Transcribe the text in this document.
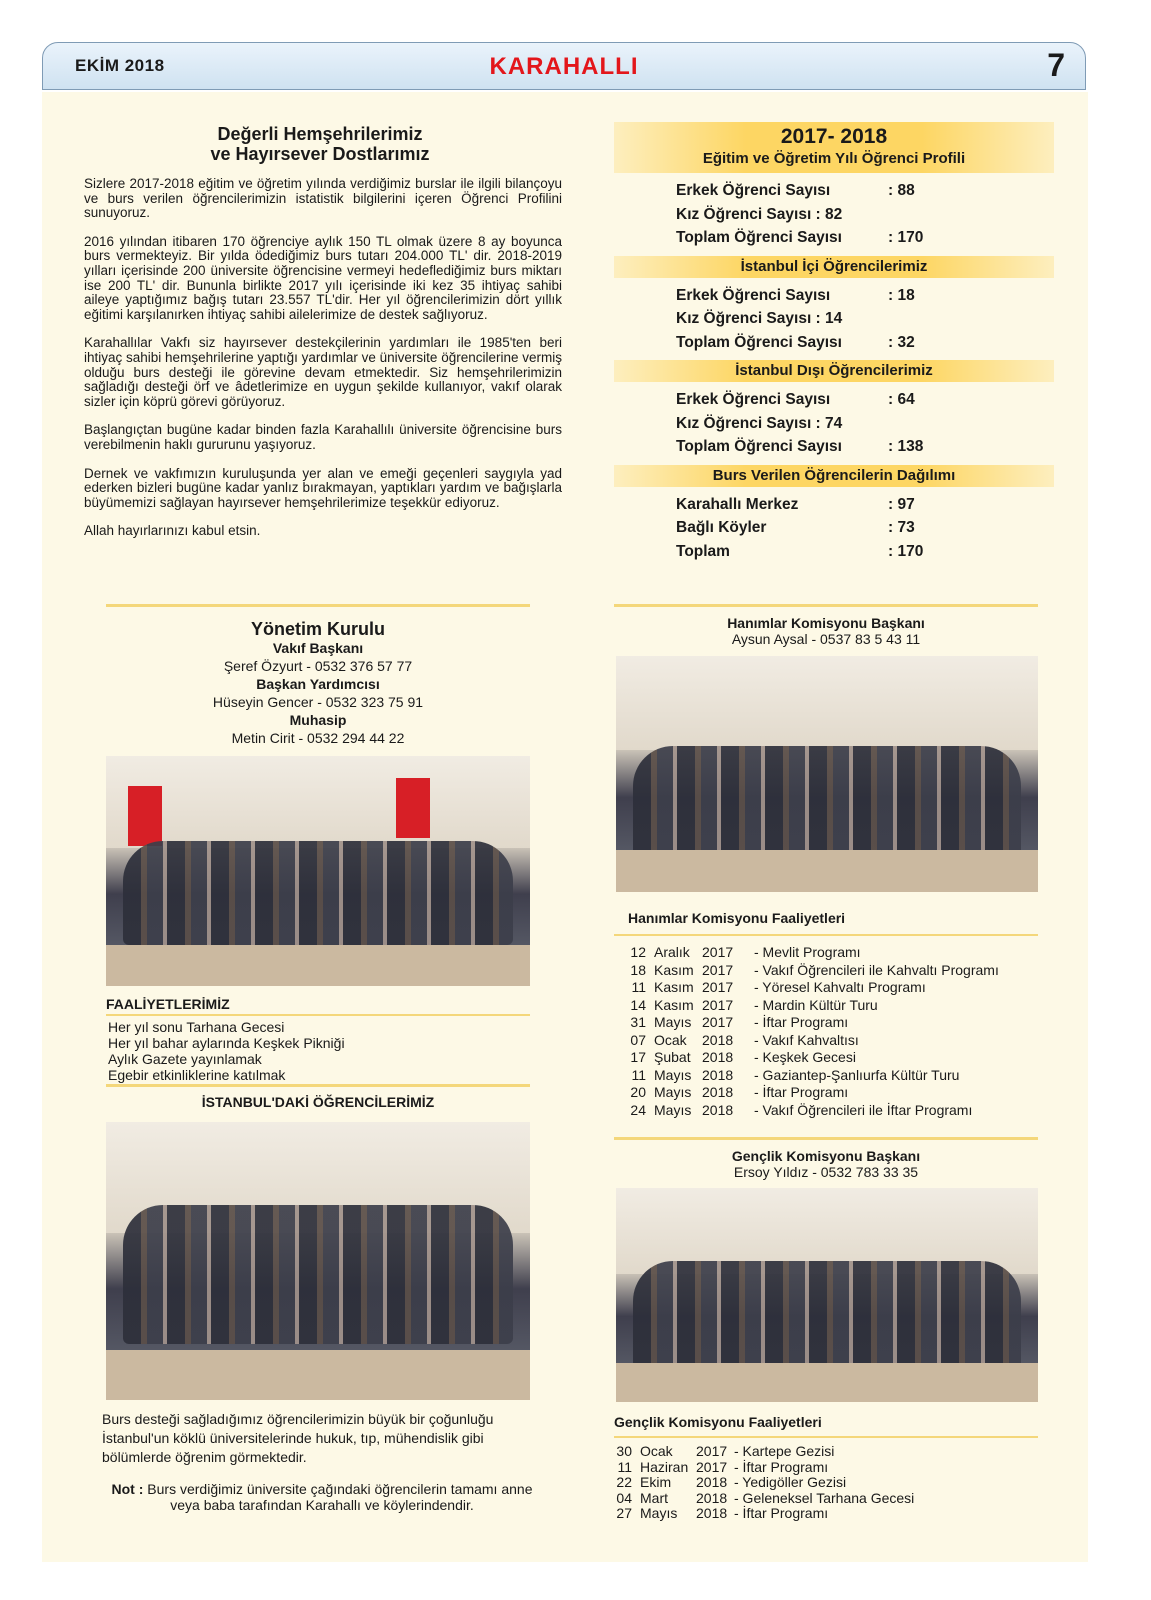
EKİM 2018	KARAHALLI	7
Değerli Hemşehrilerimiz
ve Hayırsever Dostlarımız

Sizlere 2017-2018 eğitim ve öğretim yılında verdiğimiz burslar ile ilgili bilançoyu ve burs verilen öğrencilerimizin istatistik bilgilerini içeren Öğrenci Profilini sunuyoruz.

2016 yılından itibaren 170 öğrenciye aylık 150 TL olmak üzere 8 ay boyunca burs vermekteyiz. Bir yılda ödediğimiz burs tutarı 204.000 TL' dir. 2018-2019 yılları içerisinde 200 üniversite öğrencisine vermeyi hedeflediğimiz burs miktarı ise 200 TL' dir. Bununla birlikte 2017 yılı içerisinde iki kez 35 ihtiyaç sahibi aileye yaptığımız bağış tutarı 23.557 TL'dir. Her yıl öğrencilerimizin dört yıllık eğitimi karşılanırken ihtiyaç sahibi ailelerimize de destek sağlıyoruz.

Karahallılar Vakfı siz hayırsever destekçilerinin yardımları ile 1985'ten beri ihtiyaç sahibi hemşehrilerine yaptığı yardımlar ve üniversite öğrencilerine vermiş olduğu burs desteği ile görevine devam etmektedir. Siz hemşehrilerimizin sağladığı desteği örf ve âdetlerimize en uygun şekilde kullanıyor, vakıf olarak sizler için köprü görevi görüyoruz.

Başlangıçtan bugüne kadar binden fazla Karahallılı üniversite öğrencisine burs verebilmenin haklı gururunu yaşıyoruz.

Dernek ve vakfımızın kuruluşunda yer alan ve emeği geçenleri saygıyla yad ederken bizleri bugüne kadar yanlız bırakmayan, yaptıkları yardım ve bağışlarla büyümemizi sağlayan hayırsever hemşehrilerimize teşekkür ediyoruz.

Allah hayırlarınızı kabul etsin.

2017- 2018
Eğitim ve Öğretim Yılı Öğrenci Profili
Erkek Öğrenci Sayısı	: 88
Kız Öğrenci Sayısı : 82
Toplam Öğrenci Sayısı	: 170
İstanbul İçi Öğrencilerimiz
Erkek Öğrenci Sayısı	: 18
Kız Öğrenci Sayısı : 14
Toplam Öğrenci Sayısı	: 32
İstanbul Dışı Öğrencilerimiz
Erkek Öğrenci Sayısı	: 64
Kız Öğrenci Sayısı : 74
Toplam Öğrenci Sayısı	: 138
Burs Verilen Öğrencilerin Dağılımı
Karahallı Merkez	: 97
Bağlı Köyler	: 73
Toplam	: 170
Yönetim Kurulu
Vakıf Başkanı
Şeref Özyurt - 0532 376 57 77
Başkan Yardımcısı
Hüseyin Gencer - 0532 323 75 91
Muhasip
Metin Cirit - 0532 294 44 22
FAALİYETLERİMİZ
Her yıl sonu Tarhana Gecesi
Her yıl bahar aylarında Keşkek Pikniği
Aylık Gazete yayınlamak
Egebir etkinliklerine katılmak
İSTANBUL'DAKİ ÖĞRENCİLERİMİZ
Burs desteği sağladığımız öğrencilerimizin büyük bir çoğunluğu İstanbul'un köklü üniversitelerinde hukuk, tıp, mühendislik gibi bölümlerde öğrenim görmektedir.
Not : Burs verdiğimiz üniversite çağındaki öğrencilerin tamamı anne veya baba tarafından Karahallı ve köylerindendir.
Hanımlar Komisyonu Başkanı
Aysun Aysal - 0537 83 5 43 11
Hanımlar Komisyonu Faaliyetleri
12 Aralık 2017	- Mevlit Programı
18 Kasım 2017	- Vakıf Öğrencileri ile Kahvaltı Programı
11 Kasım 2017	- Yöresel Kahvaltı Programı
14 Kasım 2017	- Mardin Kültür Turu
31 Mayıs 2017	- İftar Programı
07 Ocak	2018	- Vakıf Kahvaltısı
17 Şubat 2018	- Keşkek Gecesi
11 Mayıs 2018	- Gaziantep-Şanlıurfa Kültür Turu
20 Mayıs 2018	- İftar Programı
24 Mayıs 2018	- Vakıf Öğrencileri ile İftar Programı
Gençlik Komisyonu Başkanı
Ersoy Yıldız - 0532 783 33 35
Gençlik Komisyonu Faaliyetleri
30 Ocak	2017 - Kartepe Gezisi
11 Haziran 2017 - İftar Programı
22 Ekim	2018 - Yedigöller Gezisi
04 Mart	2018 - Geleneksel Tarhana Gecesi
27 Mayıs	2018 - İftar Programı
